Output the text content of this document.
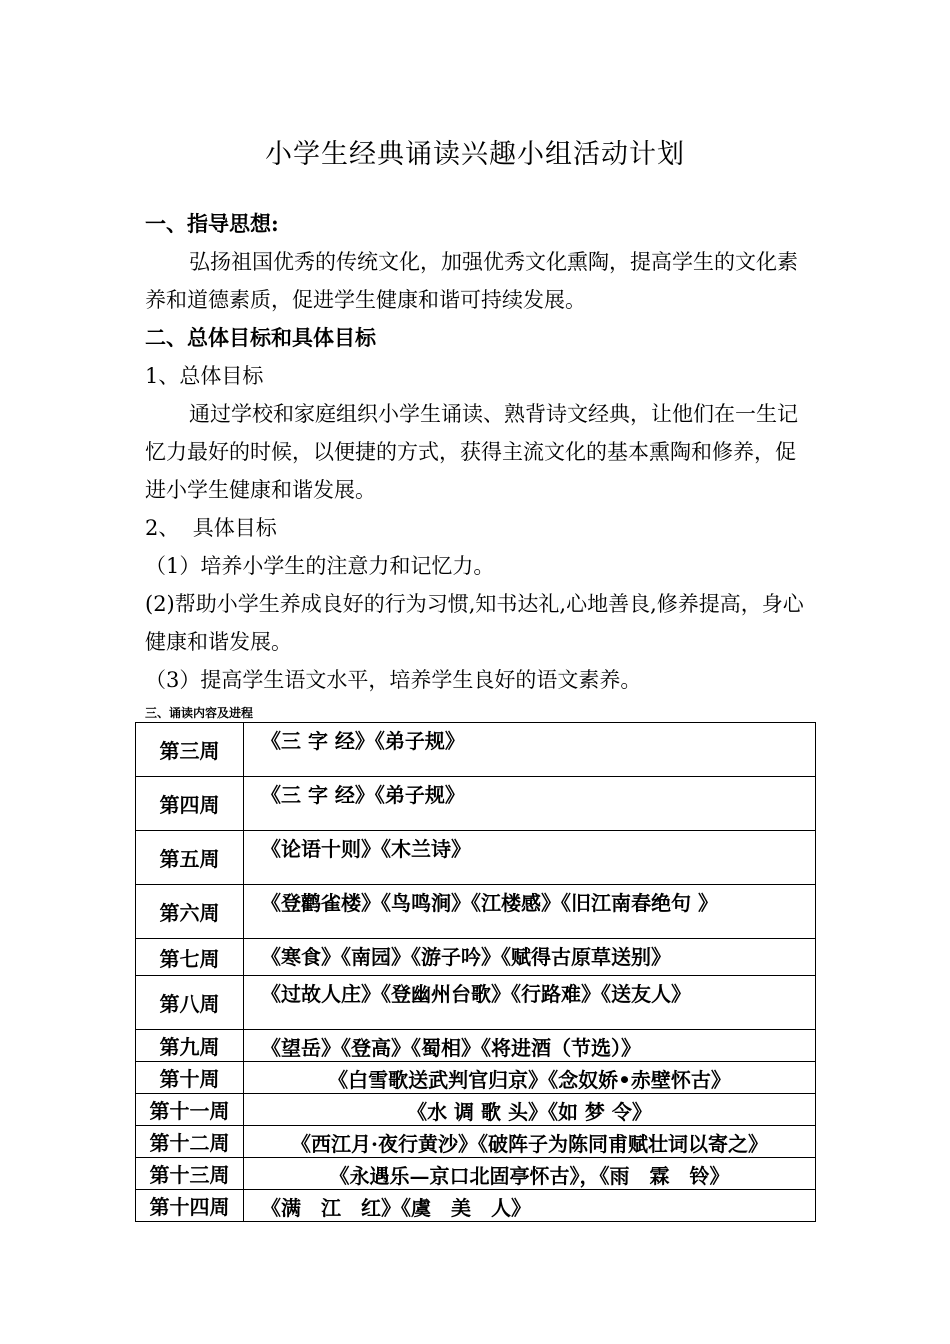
小学生经典诵读兴趣小组活动计划

一、指导思想:

弘扬祖国优秀的传统文化，加强优秀文化熏陶，提高学生的文化素养和道德素质，促进学生健康和谐可持续发展。

二、总体目标和具体目标

1、总体目标

通过学校和家庭组织小学生诵读、熟背诗文经典，让他们在一生记忆力最好的时候，以便捷的方式，获得主流文化的基本熏陶和修养，促进小学生健康和谐发展。

2、  具体目标

（1）培养小学生的注意力和记忆力。

(2)帮助小学生养成良好的行为习惯,知书达礼,心地善良,修养提高，身心健康和谐发展。

（3）提高学生语文水平，培养学生良好的语文素养。

三、诵读内容及进程

第三周	《三 字 经》《弟子规》
第四周	《三 字 经》《弟子规》
第五周	《论语十则》《木兰诗》
第六周	《登鹳雀楼》《鸟鸣涧》《江楼感》《旧江南春绝句 》
第七周	《寒食》《南园》《游子吟》《赋得古原草送别》
第八周	《过故人庄》《登幽州台歌》《行路难》《送友人》
第九周	《望岳》《登高》《蜀相》《将进酒（节选）》
第十周	《白雪歌送武判官归京》《念奴娇•赤壁怀古》
第十一周	《水 调 歌 头》《如 梦 令》
第十二周	《西江月·夜行黄沙》《破阵子为陈同甫赋壮词以寄之》
第十三周	《永遇乐—京口北固亭怀古》，《雨　霖　铃》
第十四周	《满　江　红》《虞　美　人》
